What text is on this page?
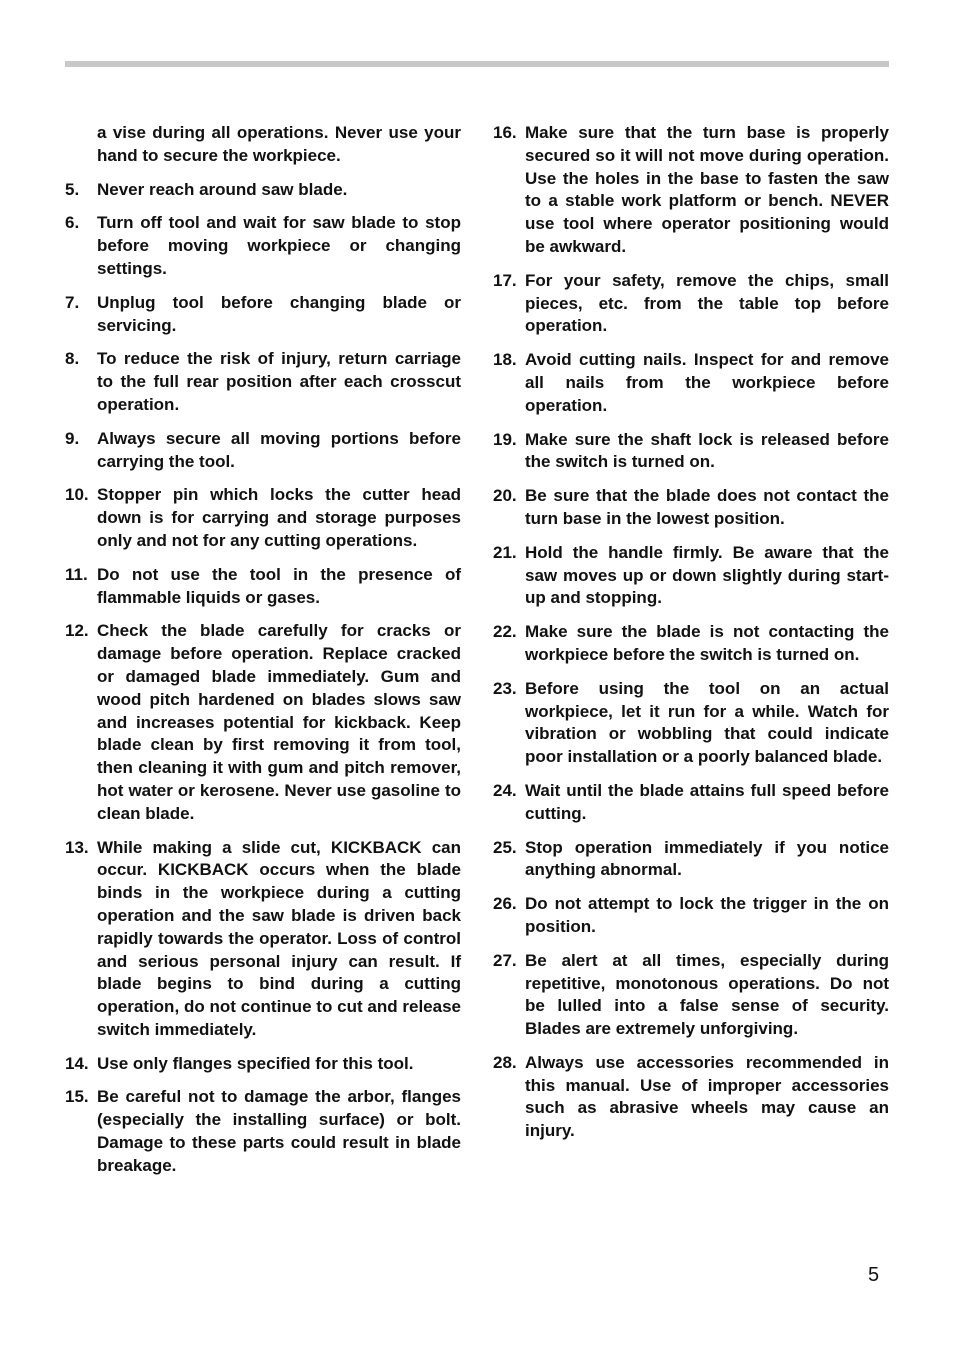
a vise during all operations. Never use your hand to secure the workpiece.
5. Never reach around saw blade.
6. Turn off tool and wait for saw blade to stop before moving workpiece or changing settings.
7. Unplug tool before changing blade or servicing.
8. To reduce the risk of injury, return carriage to the full rear position after each crosscut operation.
9. Always secure all moving portions before carrying the tool.
10. Stopper pin which locks the cutter head down is for carrying and storage purposes only and not for any cutting operations.
11. Do not use the tool in the presence of flammable liquids or gases.
12. Check the blade carefully for cracks or damage before operation. Replace cracked or damaged blade immediately. Gum and wood pitch hardened on blades slows saw and increases potential for kickback. Keep blade clean by first removing it from tool, then cleaning it with gum and pitch remover, hot water or kerosene. Never use gasoline to clean blade.
13. While making a slide cut, KICKBACK can occur. KICKBACK occurs when the blade binds in the workpiece during a cutting operation and the saw blade is driven back rapidly towards the operator. Loss of control and serious personal injury can result. If blade begins to bind during a cutting operation, do not continue to cut and release switch immediately.
14. Use only flanges specified for this tool.
15. Be careful not to damage the arbor, flanges (especially the installing surface) or bolt. Damage to these parts could result in blade breakage.
16. Make sure that the turn base is properly secured so it will not move during operation. Use the holes in the base to fasten the saw to a stable work platform or bench. NEVER use tool where operator positioning would be awkward.
17. For your safety, remove the chips, small pieces, etc. from the table top before operation.
18. Avoid cutting nails. Inspect for and remove all nails from the workpiece before operation.
19. Make sure the shaft lock is released before the switch is turned on.
20. Be sure that the blade does not contact the turn base in the lowest position.
21. Hold the handle firmly. Be aware that the saw moves up or down slightly during start-up and stopping.
22. Make sure the blade is not contacting the workpiece before the switch is turned on.
23. Before using the tool on an actual workpiece, let it run for a while. Watch for vibration or wobbling that could indicate poor installation or a poorly balanced blade.
24. Wait until the blade attains full speed before cutting.
25. Stop operation immediately if you notice anything abnormal.
26. Do not attempt to lock the trigger in the on position.
27. Be alert at all times, especially during repetitive, monotonous operations. Do not be lulled into a false sense of security. Blades are extremely unforgiving.
28. Always use accessories recommended in this manual. Use of improper accessories such as abrasive wheels may cause an injury.
5
